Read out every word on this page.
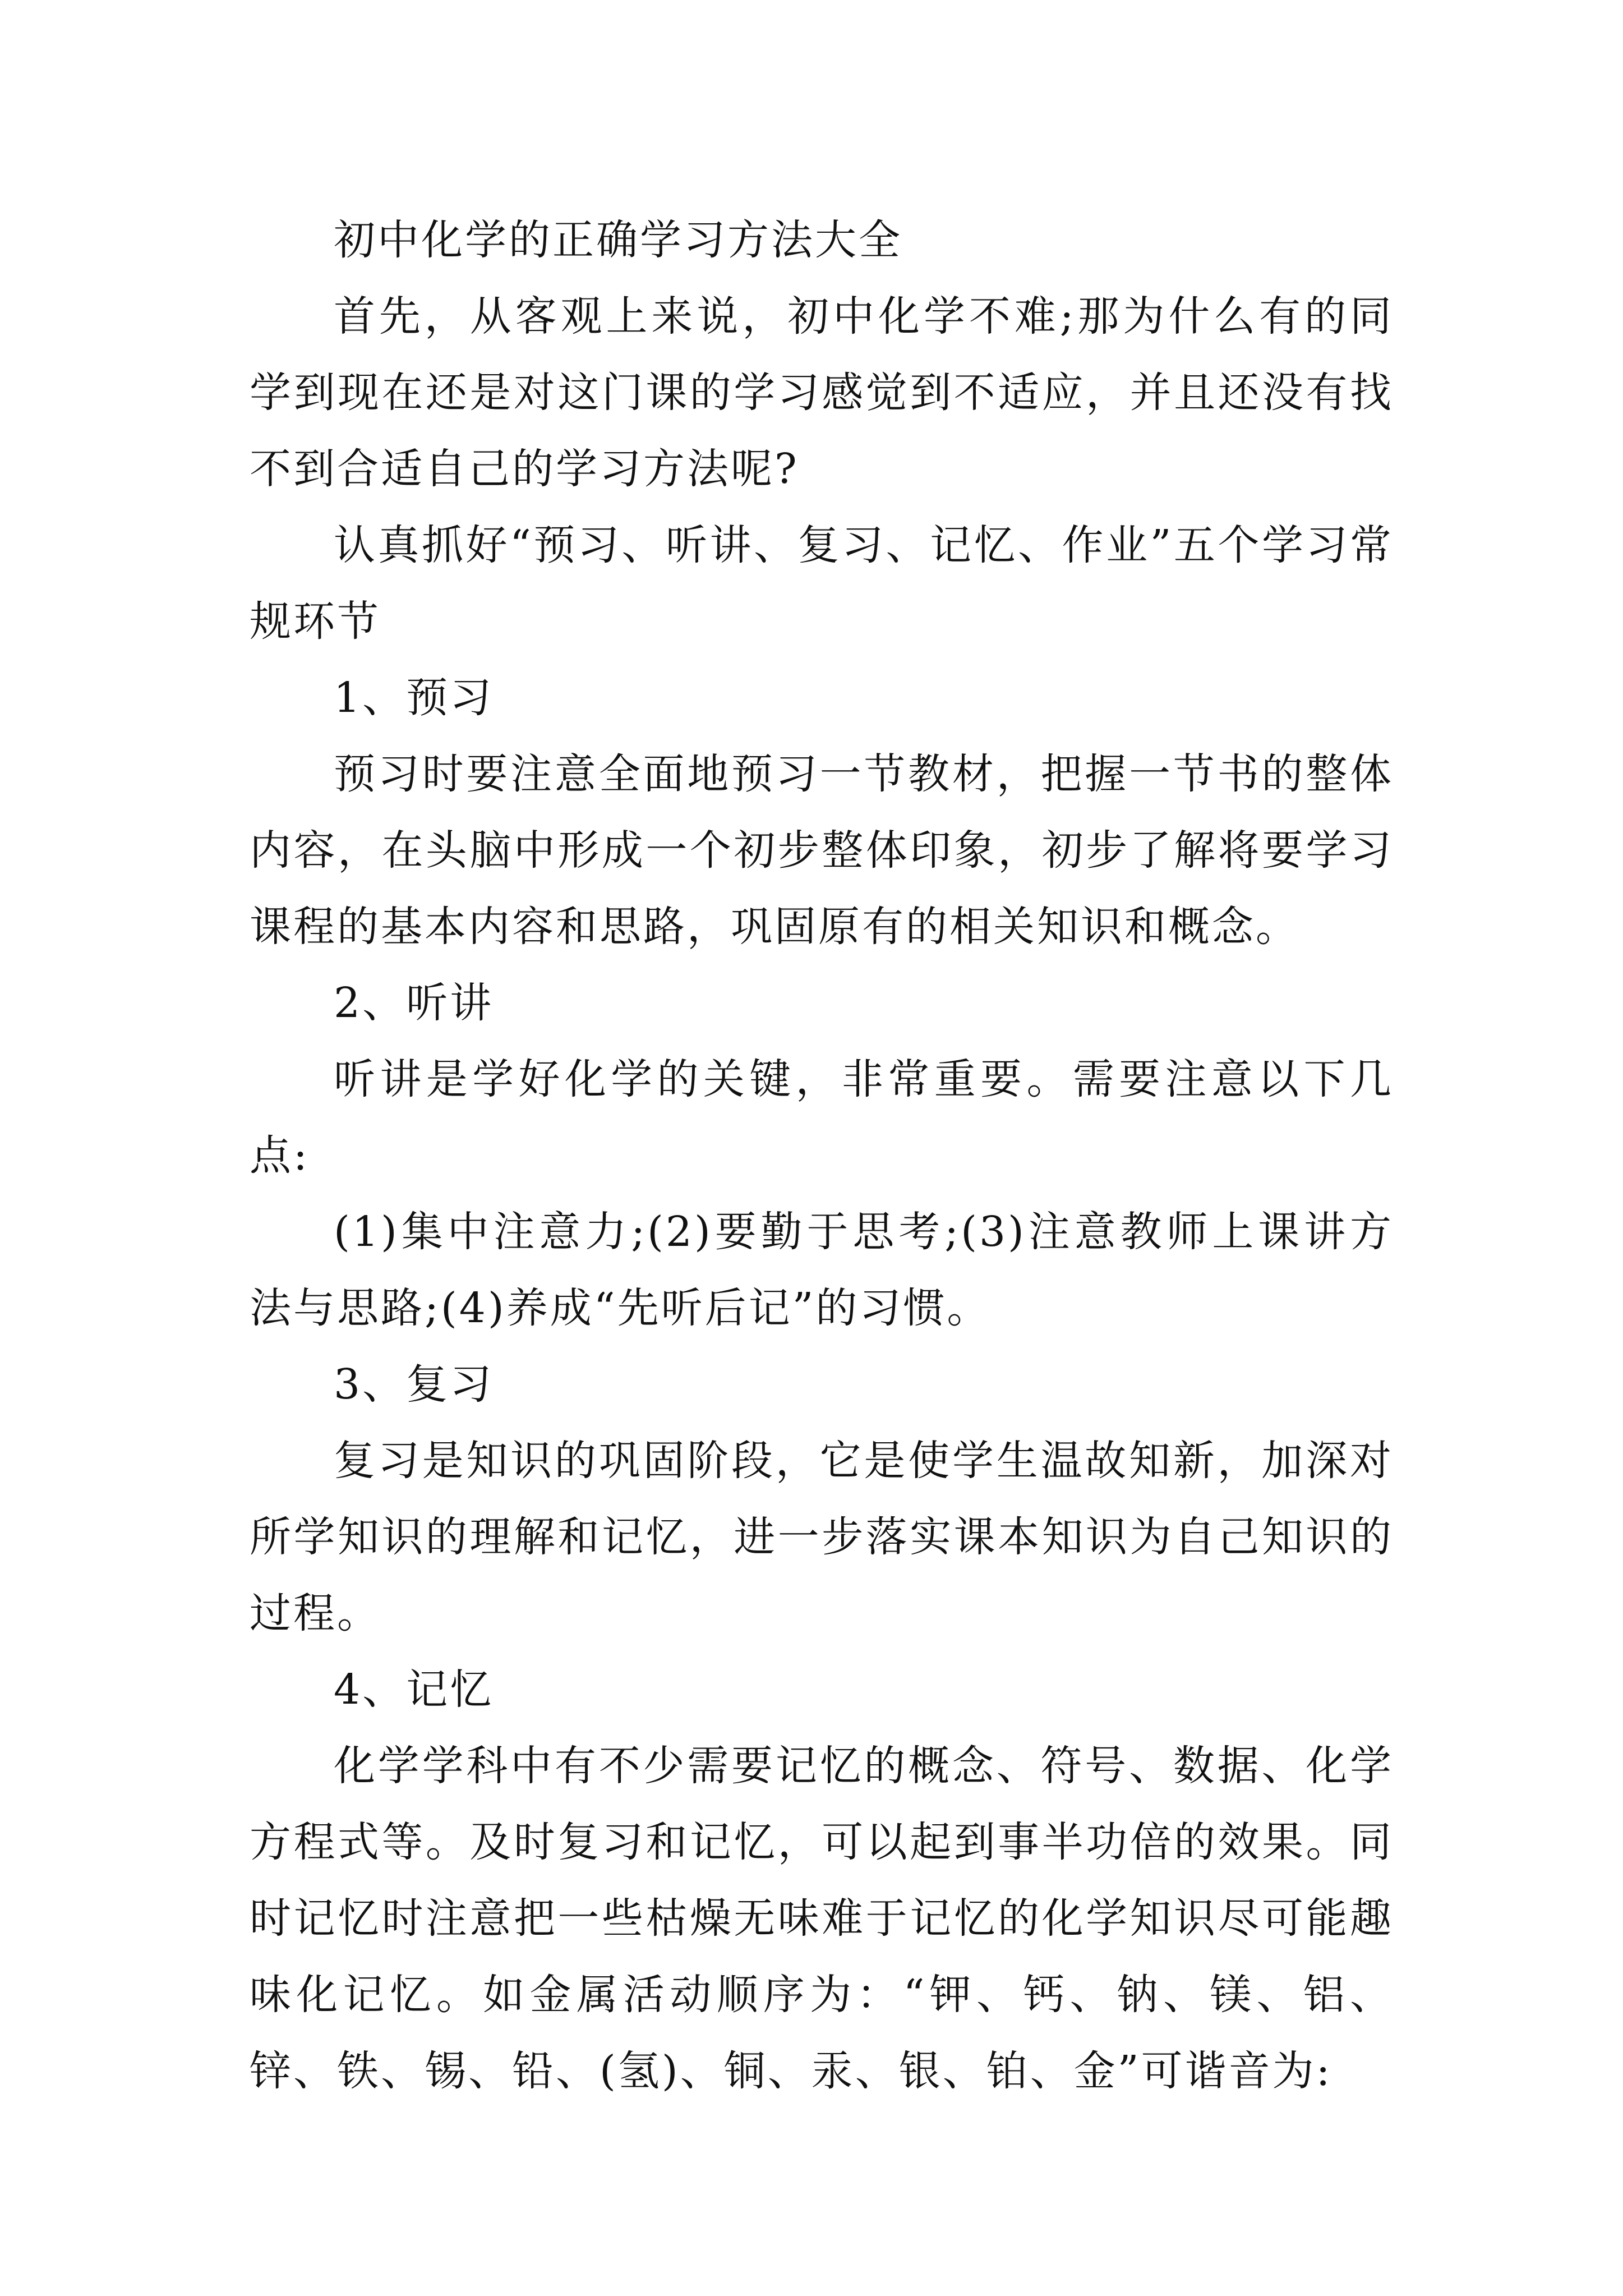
初中化学的正确学习方法大全

首先，从客观上来说，初中化学不难;那为什么有的同学到现在还是对这门课的学习感觉到不适应，并且还没有找不到合适自己的学习方法呢?

认真抓好“预习、听讲、复习、记忆、作业”五个学习常规环节

1、预习

预习时要注意全面地预习一节教材，把握一节书的整体内容，在头脑中形成一个初步整体印象，初步了解将要学习课程的基本内容和思路，巩固原有的相关知识和概念。

2、听讲

听讲是学好化学的关键，非常重要。需要注意以下几点:

(1)集中注意力;(2)要勤于思考;(3)注意教师上课讲方法与思路;(4)养成“先听后记”的习惯。

3、复习

复习是知识的巩固阶段，它是使学生温故知新，加深对所学知识的理解和记忆，进一步落实课本知识为自己知识的过程。

4、记忆

化学学科中有不少需要记忆的概念、符号、数据、化学方程式等。及时复习和记忆，可以起到事半功倍的效果。同时记忆时注意把一些枯燥无味难于记忆的化学知识尽可能趣味化记忆。如金属活动顺序为：“钾、钙、钠、镁、铝、锌、铁、锡、铅、(氢)、铜、汞、银、铂、金”可谐音为:
